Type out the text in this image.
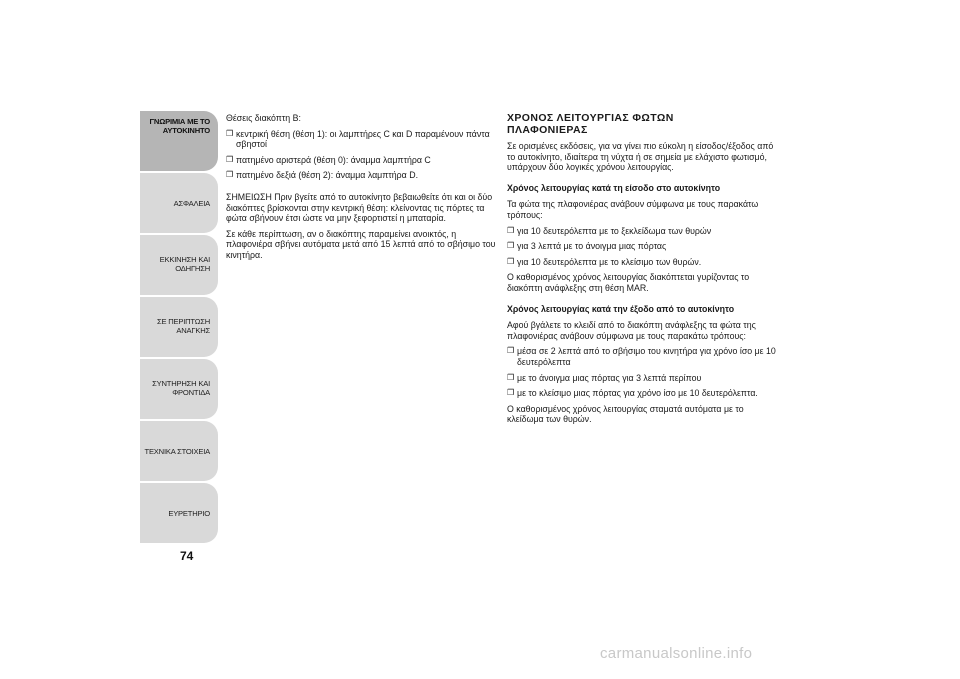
ΓΝΩΡΙΜΙΑ ΜΕ ΤΟ
ΑΥΤΟΚΙΝΗΤΟ
ΑΣΦΑΛΕΙΑ
ΕΚΚΙΝΗΣΗ ΚΑΙ
ΟΔΗΓΗΣΗ
ΣΕ ΠΕΡΙΠΤΩΣΗ
ΑΝΑΓΚΗΣ
ΣΥΝΤΗΡΗΣΗ ΚΑΙ
ΦΡΟΝΤΙΔΑ
ΤΕΧΝΙΚΑ ΣΤΟΙΧΕΙΑ
ΕΥΡΕΤΗΡΙΟ
74

Θέσεις διακόπτη B:

❒ κεντρική θέση (θέση 1): οι λαμπτήρες C και D παραμένουν πάντα σβηστοί
❒ πατημένο αριστερά (θέση 0): άναμμα λαμπτήρα C
❒ πατημένο δεξιά (θέση 2): άναμμα λαμπτήρα D.

ΣΗΜΕΙΩΣΗ Πριν βγείτε από το αυτοκίνητο βεβαιωθείτε ότι και οι δύο διακόπτες βρίσκονται στην κεντρική θέση: κλείνοντας τις πόρτες τα φώτα σβήνουν έτσι ώστε να μην ξεφορτιστεί η μπαταρία.

Σε κάθε περίπτωση, αν ο διακόπτης παραμείνει ανοικτός, η πλαφονιέρα σβήνει αυτόματα μετά από 15 λεπτά από το σβήσιμο του κινητήρα.

ΧΡΟΝΟΣ ΛΕΙΤΟΥΡΓΙΑΣ ΦΩΤΩΝ
ΠΛΑΦΟΝΙΕΡΑΣ

Σε ορισμένες εκδόσεις, για να γίνει πιο εύκολη η είσοδος/έξοδος από το αυτοκίνητο, ιδιαίτερα τη νύχτα ή σε σημεία με ελάχιστο φωτισμό, υπάρχουν δύο λογικές χρόνου λειτουργίας.

Χρόνος λειτουργίας κατά τη είσοδο στο αυτοκίνητο

Τα φώτα της πλαφονιέρας ανάβουν σύμφωνα με τους παρακάτω τρόπους:

❒ για 10 δευτερόλεπτα με το ξεκλείδωμα των θυρών
❒ για 3 λεπτά με το άνοιγμα μιας πόρτας
❒ για 10 δευτερόλεπτα με το κλείσιμο των θυρών.

Ο καθορισμένος χρόνος λειτουργίας διακόπτεται γυρίζοντας το διακόπτη ανάφλεξης στη θέση MAR.

Χρόνος λειτουργίας κατά την έξοδο από το αυτοκίνητο

Αφού βγάλετε το κλειδί από το διακόπτη ανάφλεξης τα φώτα της πλαφονιέρας ανάβουν σύμφωνα με τους παρακάτω τρόπους:

❒ μέσα σε 2 λεπτά από το σβήσιμο του κινητήρα για χρόνο ίσο με 10 δευτερόλεπτα
❒ με το άνοιγμα μιας πόρτας για 3 λεπτά περίπου
❒ με το κλείσιμο μιας πόρτας για χρόνο ίσο με 10 δευτερόλεπτα.

Ο καθορισμένος χρόνος λειτουργίας σταματά αυτόματα με το κλείδωμα των θυρών.

carmanualsonline.info
